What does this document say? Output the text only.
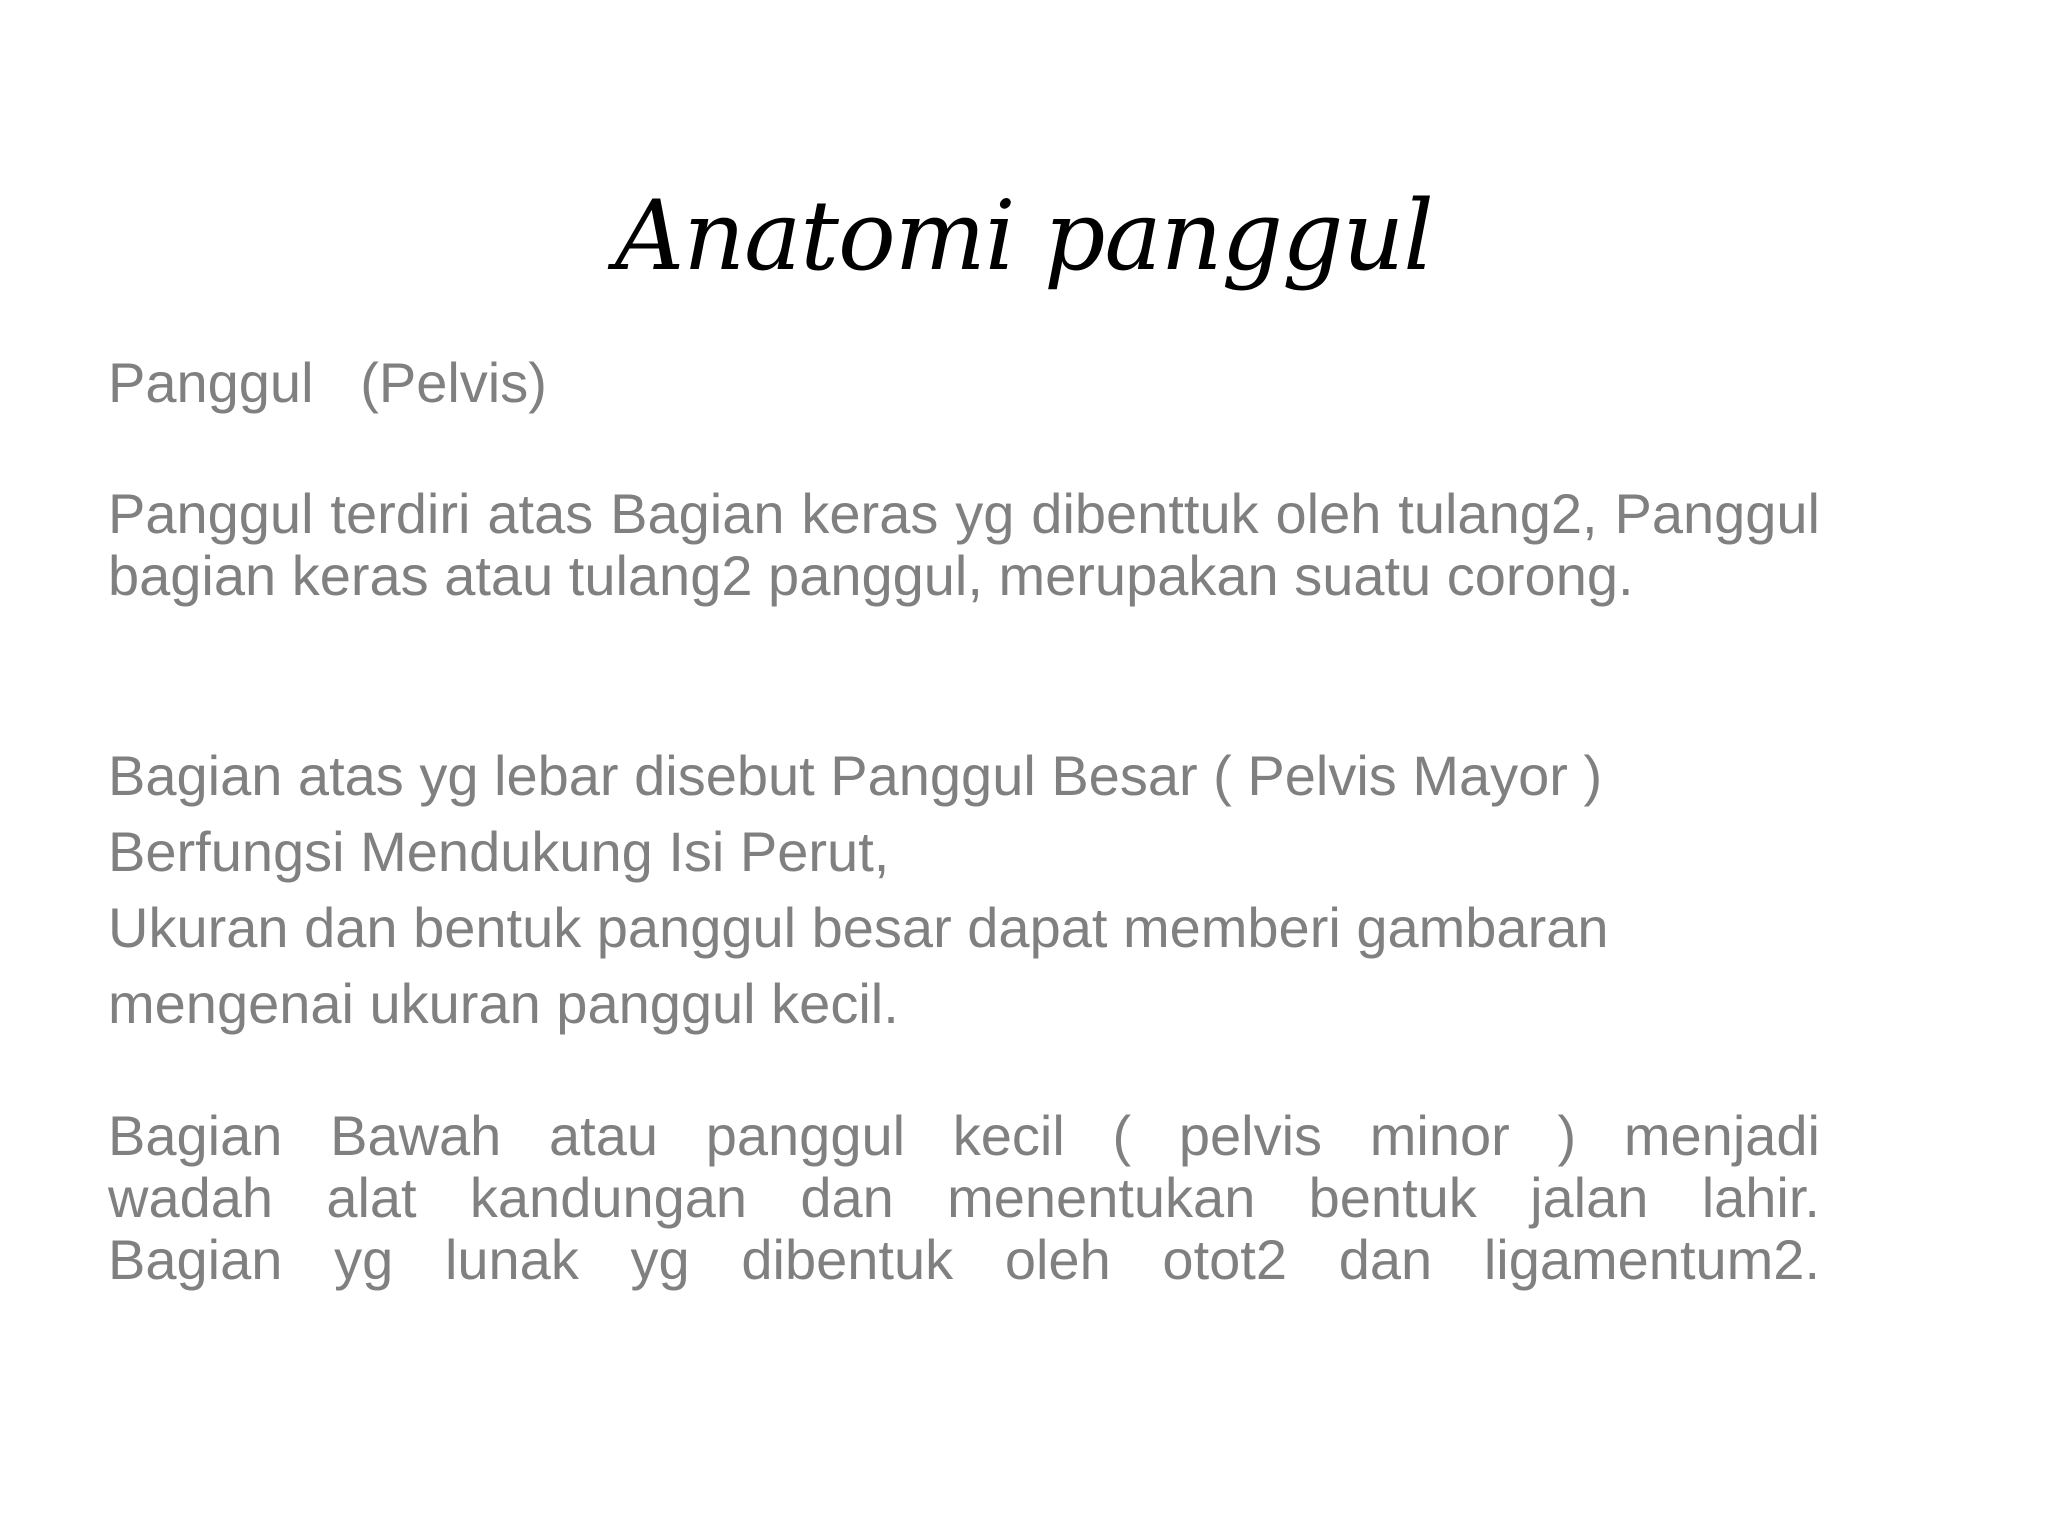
Anatomi panggul
Panggul   (Pelvis)
Panggul terdiri atas Bagian keras yg dibenttuk oleh tulang2, Panggul bagian keras atau tulang2 panggul, merupakan suatu corong.
Bagian atas yg lebar disebut Panggul Besar ( Pelvis Mayor )
Berfungsi Mendukung Isi Perut,
Ukuran dan bentuk panggul besar dapat memberi gambaran
mengenai ukuran panggul kecil.
Bagian Bawah atau panggul kecil ( pelvis minor ) menjadi
wadah alat kandungan dan menentukan bentuk jalan lahir.
Bagian yg lunak yg dibentuk oleh otot2 dan ligamentum2.
